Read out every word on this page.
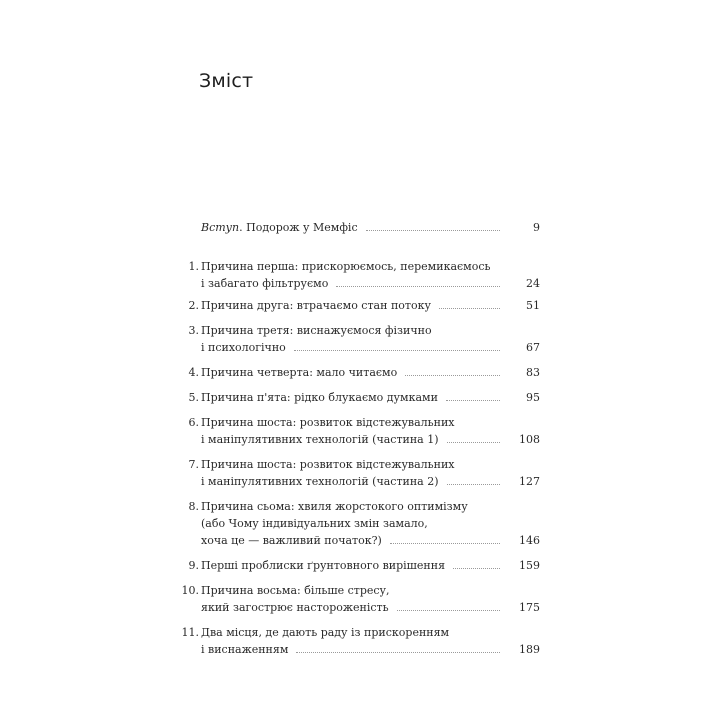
Зміст
Вступ. Подорож у Мемфіс	9
1. Причина перша: прискорюємось, перемикаємось
і забагато фільтруємо	24
2. Причина друга: втрачаємо стан потоку	51
3. Причина третя: виснажуємося фізично
і психологічно	67
4. Причина четверта: мало читаємо	83
5. Причина п'ята: рідко блукаємо думками	95
6. Причина шоста: розвиток відстежувальних
і маніпулятивних технологій (частина 1)	108
7. Причина шоста: розвиток відстежувальних
і маніпулятивних технологій (частина 2)	127
8. Причина сьома: хвиля жорстокого оптимізму
(або Чому індивідуальних змін замало,
хоча це — важливий початок?)	146
9. Перші проблиски ґрунтовного вирішення	159
10. Причина восьма: більше стресу,
який загострює настороженість	175
11. Два місця, де дають раду із прискоренням
і виснаженням	189
